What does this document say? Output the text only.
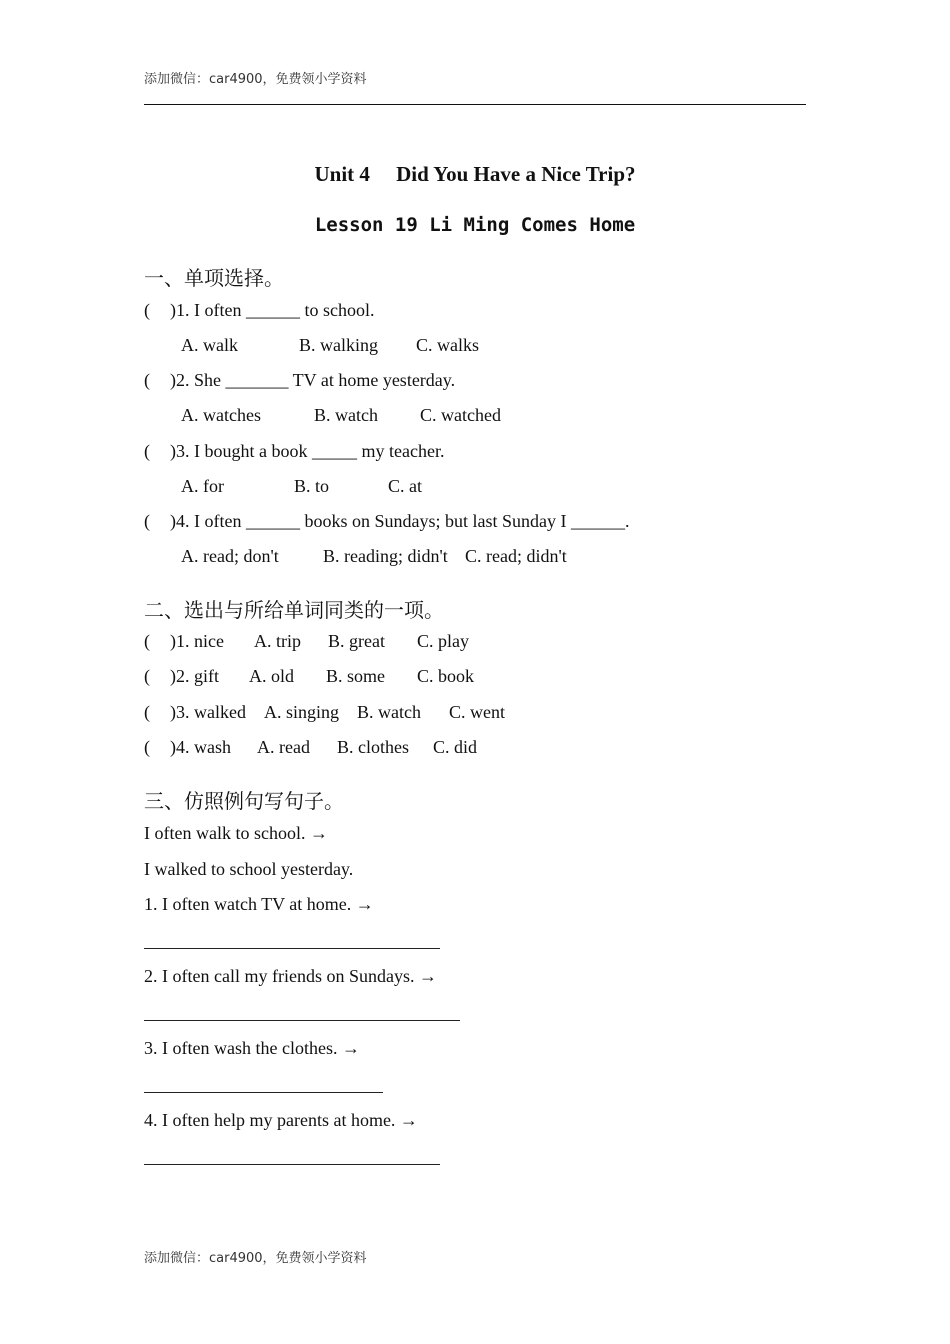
添加微信：car4900，免费领小学资料
Unit 4     Did You Have a Nice Trip?
Lesson 19 Li Ming Comes Home
一、单项选择。
( )1. I often ______ to school.
A. walk	B. walking C. walks
( )2. She _______ TV at home yesterday.
A. watches	B. watch C. watched
( )3. I bought a book _____ my teacher.
A. for	B. to	C. at
( )4. I often ______ books on Sundays; but last Sunday I ______.
A. read; don't B. reading; didn't C. read; didn't
二、选出与所给单词同类的一项。
( )1. nice A. trip B. great C. play
( )2. gift A. old B. some C. book
( )3. walked A. singing B. watch C. went
( )4. wash A. read B. clothes C. did
三、仿照例句写句子。
I often walk to school. →
I walked to school yesterday.
1. I often watch TV at home. →
2. I often call my friends on Sundays. →
3. I often wash the clothes. →
4. I often help my parents at home. →
添加微信：car4900，免费领小学资料
